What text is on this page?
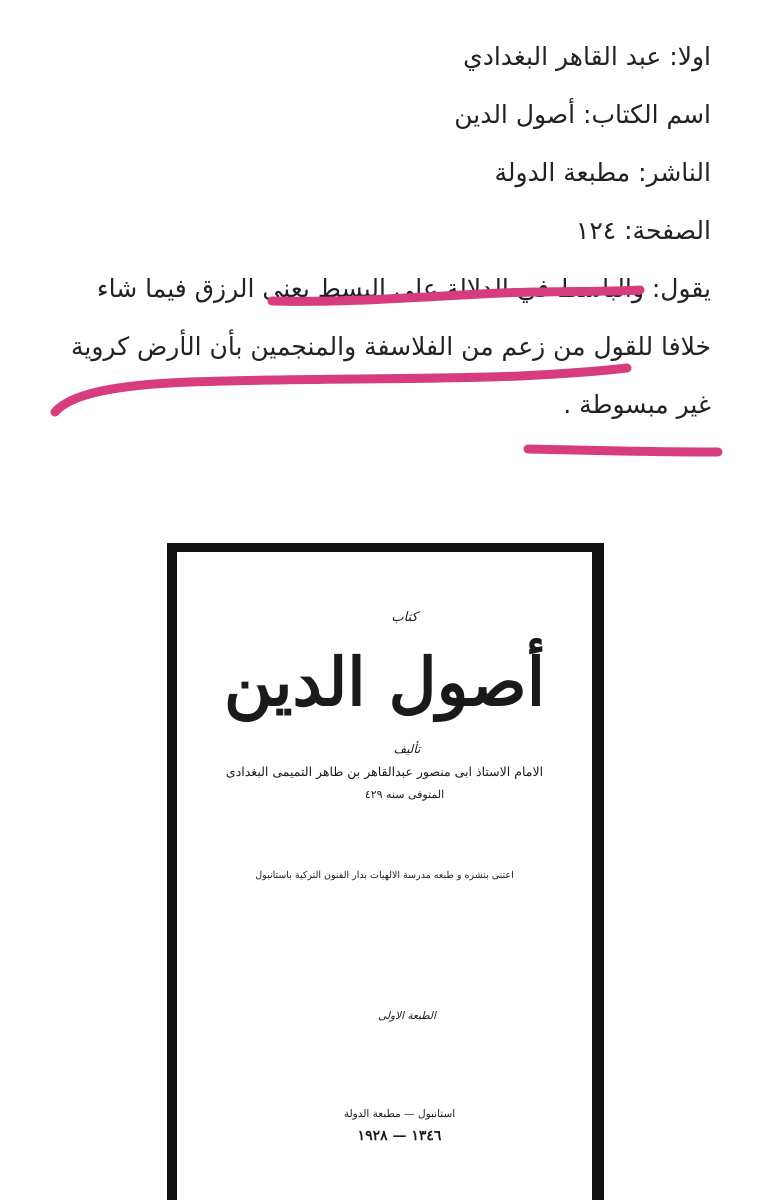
اولا: عبد القاهر البغدادي

اسم الكتاب: أصول الدين

الناشر: مطبعة الدولة

الصفحة: ١٢٤

يقول: والباسط في الدلالة على البسط يعني الرزق فيما شاء

خلافا للقول من زعم من الفلاسفة والمنجمين بأن الأرض كروية

غير مبسوطة .

كتاب
أصول الدين
تأليف
الامام الاستاذ ابى منصور عبدالقاهر بن طاهر التميمى البغدادى
المتوفى سنه ٤٢٩
اعتنى بنشره و طبعه مدرسة الالهيات بدار الفنون التركية باستانبول
الطبعة الاولى
استانبول — مطبعة الدولة
١٣٤٦ — ١٩٢٨
